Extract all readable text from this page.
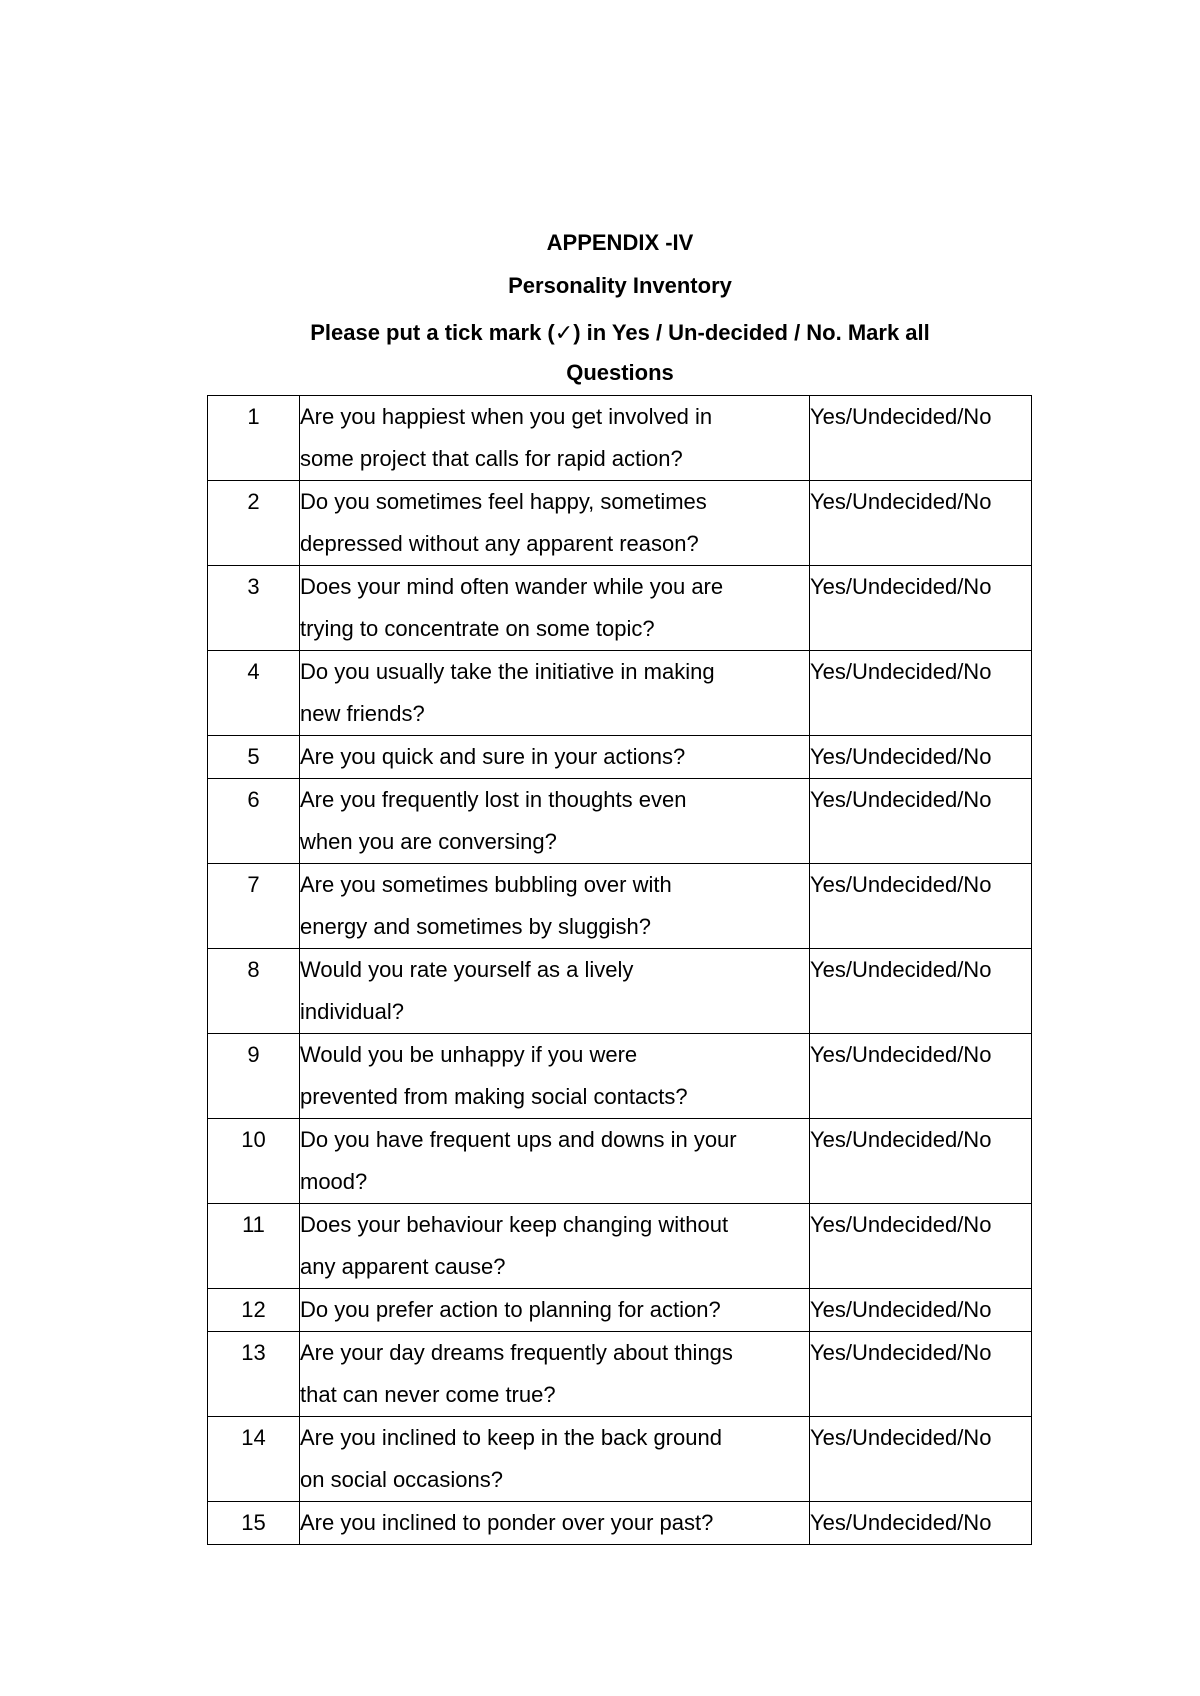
APPENDIX -IV
Personality Inventory
Please put a tick mark (✓) in Yes / Un-decided / No. Mark all
Questions
1	Are you happiest when you get involved in
some project that calls for rapid action?	Yes/Undecided/No
2	Do you sometimes feel happy, sometimes
depressed without any apparent reason?	Yes/Undecided/No
3	Does your mind often wander while you are
trying to concentrate on some topic?	Yes/Undecided/No
4	Do you usually take the initiative in making
new friends?	Yes/Undecided/No
5	Are you quick and sure in your actions?	Yes/Undecided/No
6	Are you frequently lost in thoughts even
when you are conversing?	Yes/Undecided/No
7	Are you sometimes bubbling over with
energy and sometimes by sluggish?	Yes/Undecided/No
8	Would you rate yourself as a lively
individual?	Yes/Undecided/No
9	Would you be unhappy if you were
prevented from making social contacts?	Yes/Undecided/No
10	Do you have frequent ups and downs in your
mood?	Yes/Undecided/No
11	Does your behaviour keep changing without
any apparent cause?	Yes/Undecided/No
12	Do you prefer action to planning for action?	Yes/Undecided/No
13	Are your day dreams frequently about things
that can never come true?	Yes/Undecided/No
14	Are you inclined to keep in the back ground
on social occasions?	Yes/Undecided/No
15	Are you inclined to ponder over your past?	Yes/Undecided/No
